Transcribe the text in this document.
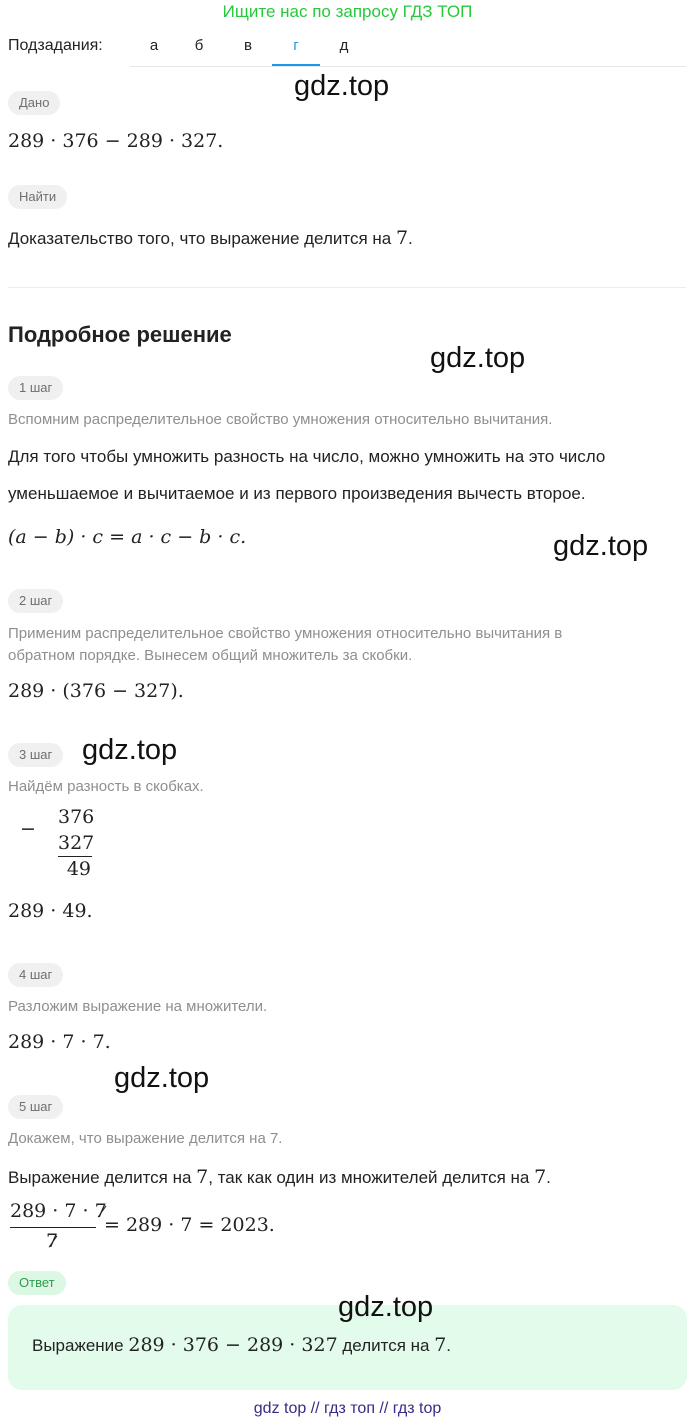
Ищите нас по запросу ГДЗ ТОП
Подзадания:	а	б	в	г	д
gdz.top
Дано
289 · 376 − 289 · 327.
Найти
Доказательство того, что выражение делится на 7.
Подробное решение
gdz.top
1 шаг
Вспомним распределительное свойство умножения относительно вычитания.
Для того чтобы умножить разность на число, можно умножить на это число
уменьшаемое и вычитаемое и из первого произведения вычесть второе.
(a − b) · c = a · c − b · c.	gdz.top
2 шаг
Применим распределительное свойство умножения относительно вычитания в
обратном порядке. Вынесем общий множитель за скобки.
289 · (376 − 327).
3 шаг	gdz.top
Найдём разность в скобках.
−
376
327
49
289 · 49.
4 шаг
Разложим выражение на множители.
289 · 7 · 7.
gdz.top
5 шаг
Докажем, что выражение делится на 7.
Выражение делится на 7, так как один из множителей делится на 7.
289 · 7 · 7
7
= 289 · 7 = 2023.
Ответ
gdz.top
Выражение 289 · 376 − 289 · 327 делится на 7.
gdz top // гдз топ // гдз top
